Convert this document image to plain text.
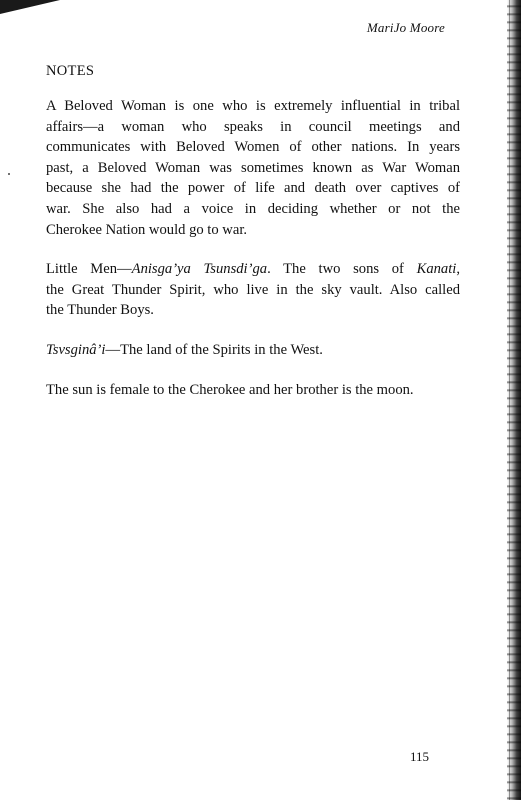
MariJo Moore
NOTES

A Beloved Woman is one who is extremely influential in tribal
affairs—a woman who speaks in council meetings and
communicates with Beloved Women of other nations. In years
past, a Beloved Woman was sometimes known as War Woman
because she had the power of life and death over captives of
war. She also had a voice in deciding whether or not the
Cherokee Nation would go to war.

Little Men—Anisga’ya Tsunsdi’ga. The two sons of Kanati,
the Great Thunder Spirit, who live in the sky vault. Also called
the Thunder Boys.

Tsvsginâ’i—The land of the Spirits in the West.

The sun is female to the Cherokee and her brother is the moon.

115
